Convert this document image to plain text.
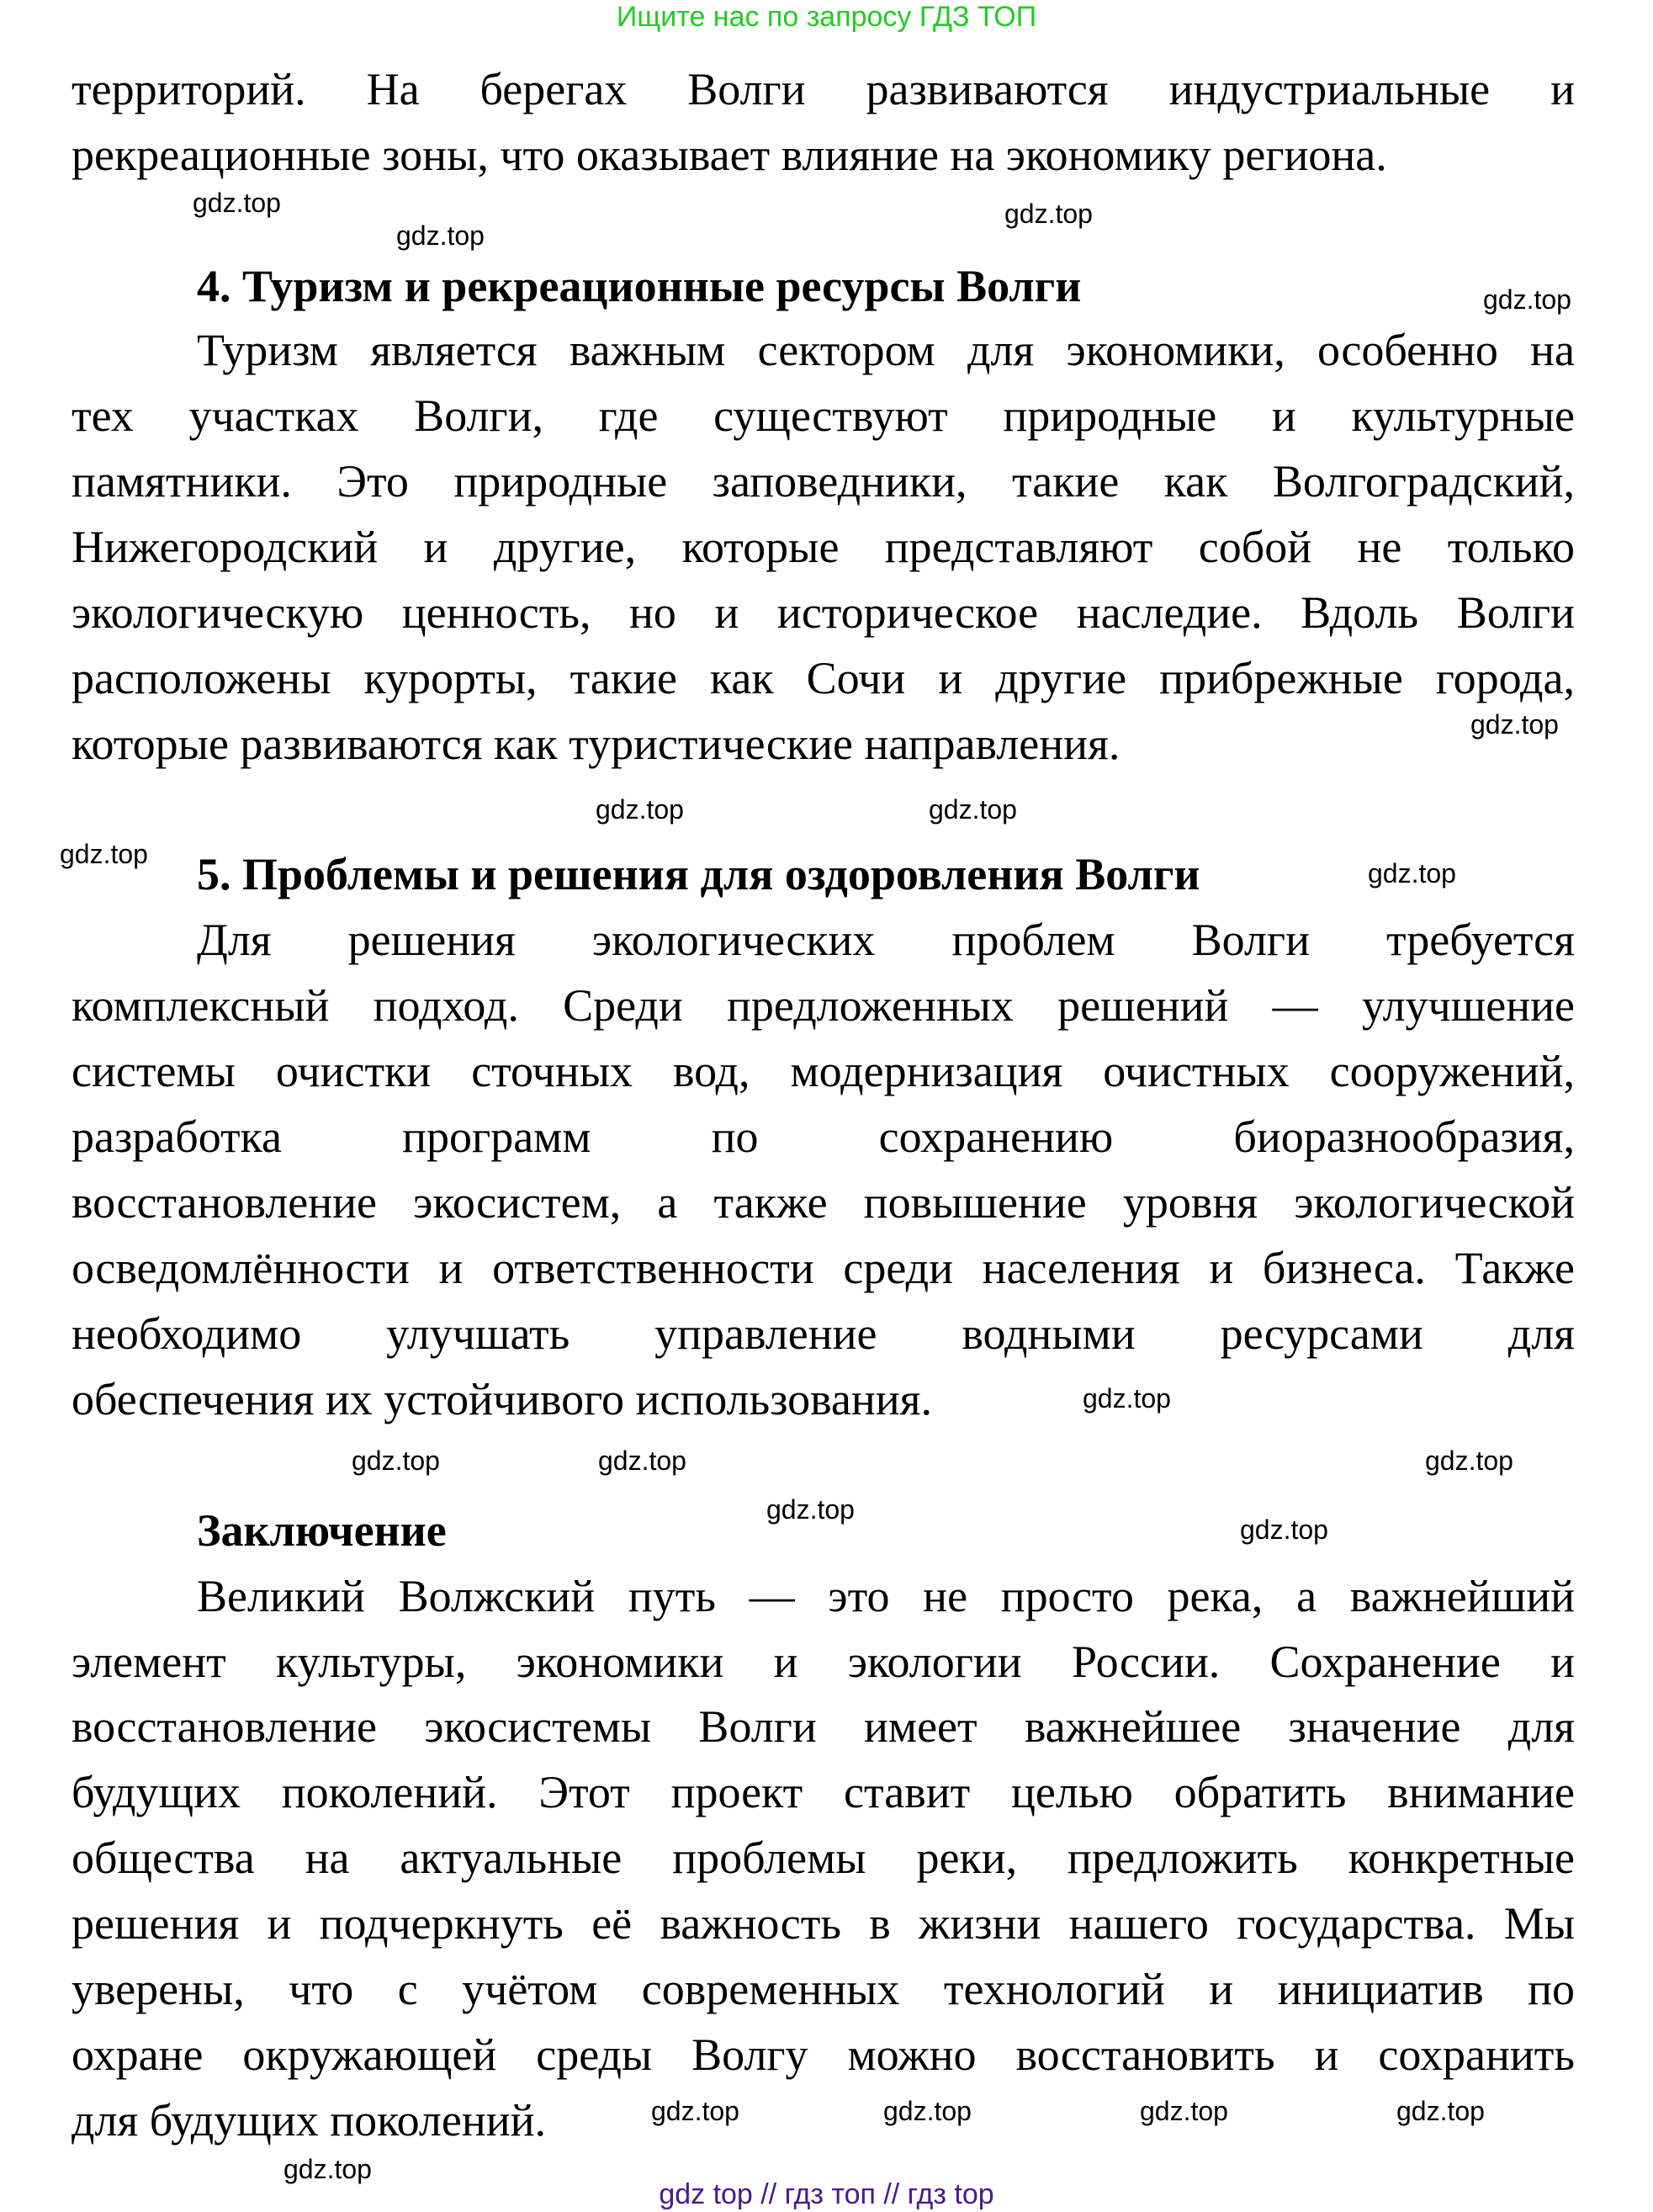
Ищите нас по запросу ГДЗ ТОП
территорий. На берегах Волги развиваются индустриальные и
рекреационные зоны, что оказывает влияние на экономику региона.
4. Туризм и рекреационные ресурсы Волги
Туризм является важным сектором для экономики, особенно на
тех участках Волги, где существуют природные и культурные
памятники. Это природные заповедники, такие как Волгоградский,
Нижегородский и другие, которые представляют собой не только
экологическую ценность, но и историческое наследие. Вдоль Волги
расположены курорты, такие как Сочи и другие прибрежные города,
которые развиваются как туристические направления.
5. Проблемы и решения для оздоровления Волги
Для решения экологических проблем Волги требуется
комплексный подход. Среди предложенных решений — улучшение
системы очистки сточных вод, модернизация очистных сооружений,
разработка программ по сохранению биоразнообразия,
восстановление экосистем, а также повышение уровня экологической
осведомлённости и ответственности среди населения и бизнеса. Также
необходимо улучшать управление водными ресурсами для
обеспечения их устойчивого использования.
Заключение
Великий Волжский путь — это не просто река, а важнейший
элемент культуры, экономики и экологии России. Сохранение и
восстановление экосистемы Волги имеет важнейшее значение для
будущих поколений. Этот проект ставит целью обратить внимание
общества на актуальные проблемы реки, предложить конкретные
решения и подчеркнуть её важность в жизни нашего государства. Мы
уверены, что с учётом современных технологий и инициатив по
охране окружающей среды Волгу можно восстановить и сохранить
для будущих поколений.
gdz.top
gdz.top
gdz.top
gdz.top
gdz.top
gdz.top
gdz.top
gdz.top
gdz.top
gdz.top
gdz.top
gdz.top
gdz.top
gdz.top
gdz.top
gdz.top	gdz.top	gdz.top
gdz.top
gdz.top
gdz top // гдз топ // гдз top
